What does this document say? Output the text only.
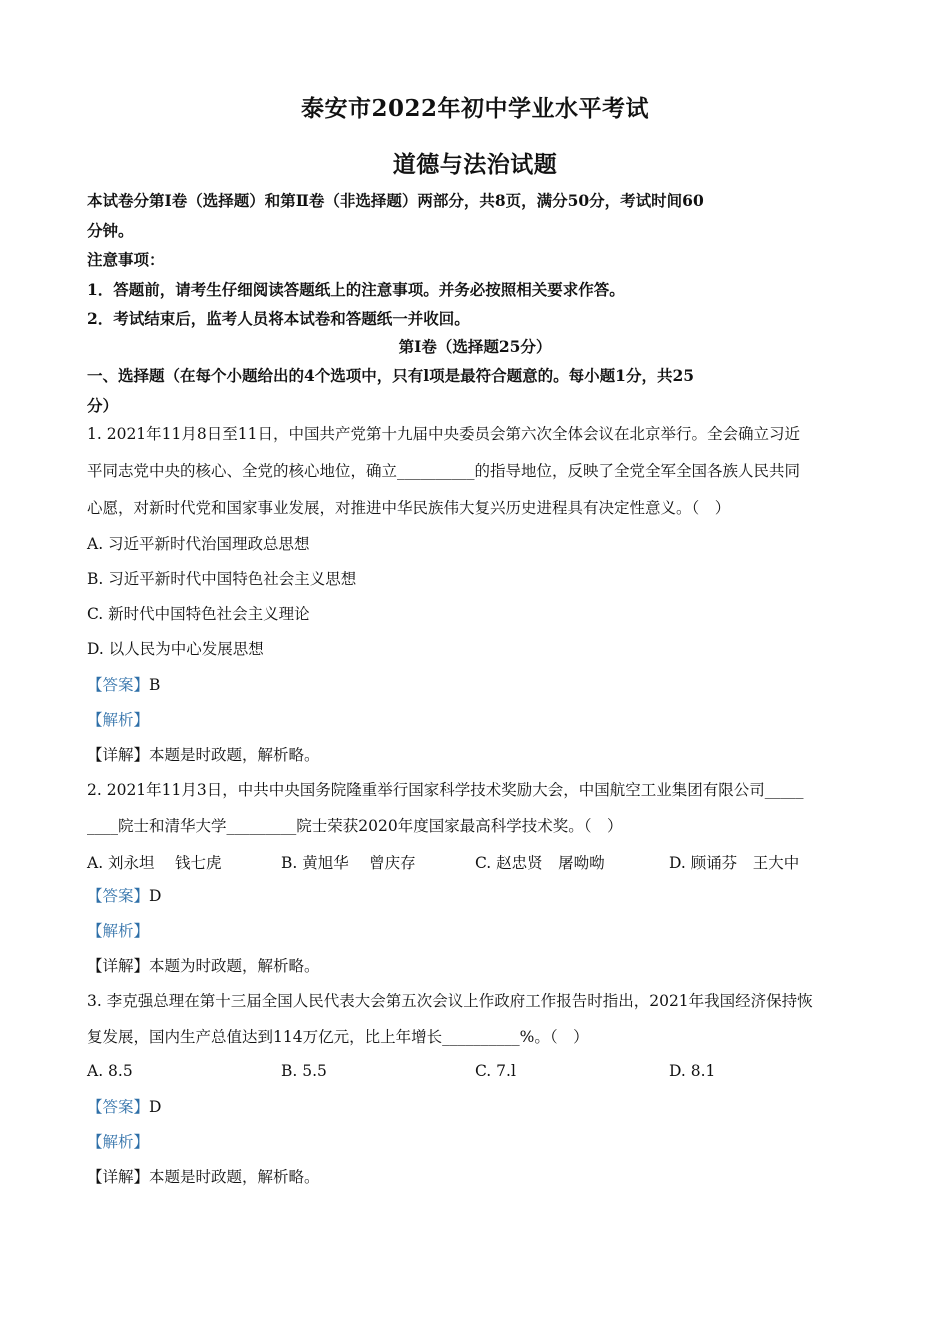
泰安市2022年初中学业水平考试
道德与法治试题
本试卷分第Ⅰ卷（选择题）和第Ⅱ卷（非选择题）两部分，共8页，满分50分，考试时间60
分钟。
注意事项：
1．答题前，请考生仔细阅读答题纸上的注意事项。并务必按照相关要求作答。
2．考试结束后，监考人员将本试卷和答题纸一并收回。
第Ⅰ卷（选择题25分）
一、选择题（在每个小题给出的4个选项中，只有l项是最符合题意的。每小题1分，共25
分）
1. 2021年11月8日至11日，中国共产党第十九届中央委员会第六次全体会议在北京举行。全会确立习近
平同志党中央的核心、全党的核心地位，确立__________的指导地位，反映了全党全军全国各族人民共同
心愿，对新时代党和国家事业发展，对推进中华民族伟大复兴历史进程具有决定性意义。（　）
A. 习近平新时代治国理政总思想
B. 习近平新时代中国特色社会主义思想
C. 新时代中国特色社会主义理论
D. 以人民为中心发展思想
【答案】B
【解析】
【详解】本题是时政题，解析略。
2. 2021年11月3日，中共中央国务院隆重举行国家科学技术奖励大会，中国航空工业集团有限公司_____
____院士和清华大学_________院士荣获2020年度国家最高科学技术奖。（　）
A. 刘永坦　 钱七虎	B. 黄旭华　 曾庆存	C. 赵忠贤　屠呦呦	D. 顾诵芬　王大中
【答案】D
【解析】
【详解】本题为时政题，解析略。
3. 李克强总理在第十三届全国人民代表大会第五次会议上作政府工作报告时指出，2021年我国经济保持恢
复发展，国内生产总值达到114万亿元，比上年增长__________%。（　）
A. 8.5	B. 5.5	C. 7.l	D. 8.1
【答案】D
【解析】
【详解】本题是时政题，解析略。
